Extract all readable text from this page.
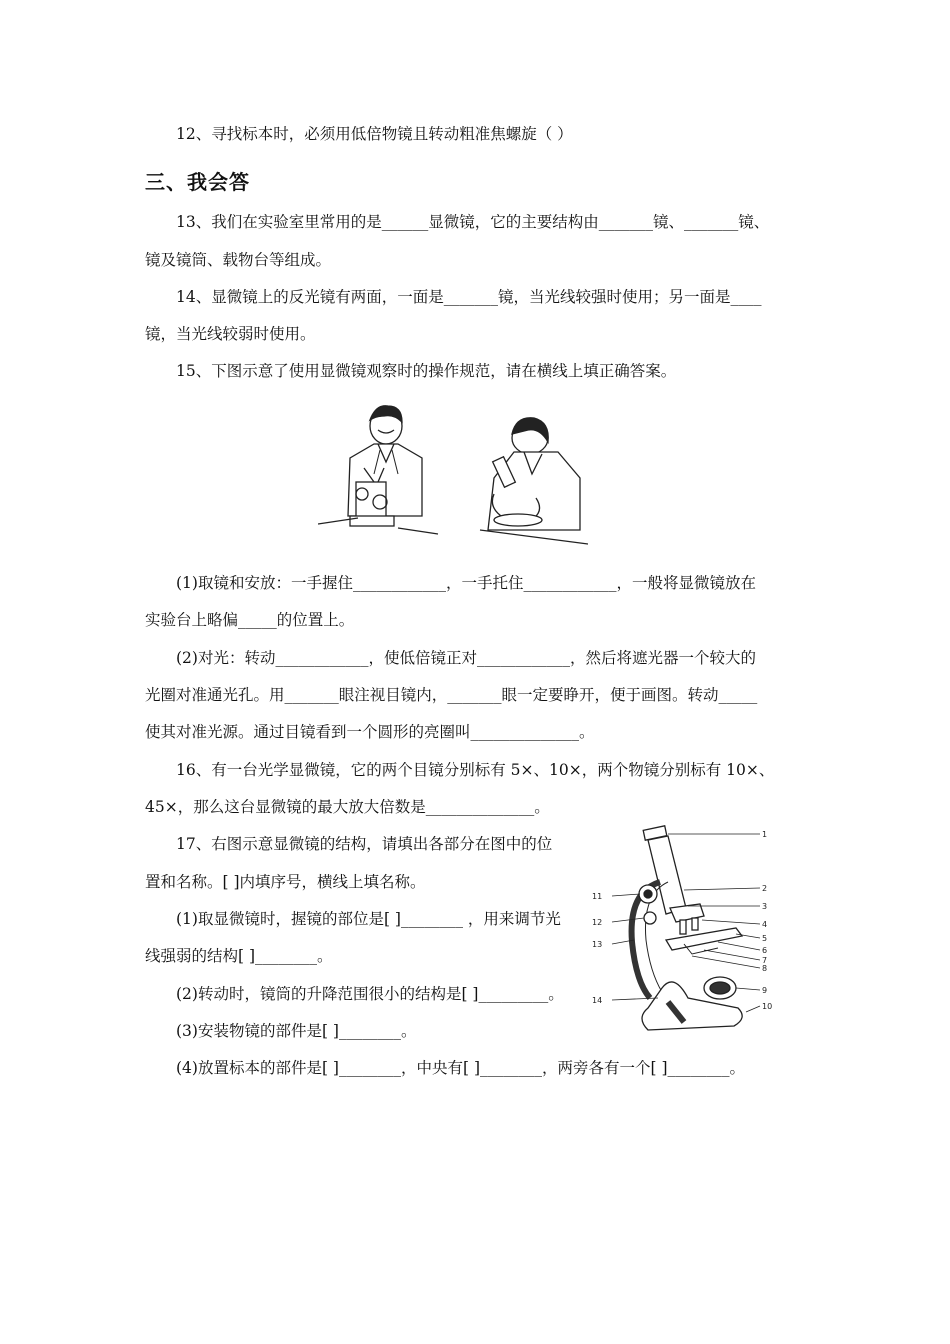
12、寻找标本时，必须用低倍物镜且转动粗准焦螺旋（ ）
三、我会答
13、我们在实验室里常用的是______显微镜，它的主要结构由_______镜、_______镜、
镜及镜筒、载物台等组成。
14、显微镜上的反光镜有两面，一面是_______镜，当光线较强时使用；另一面是____
镜，当光线较弱时使用。
15、下图示意了使用显微镜观察时的操作规范，请在横线上填正确答案。
(1)取镜和安放：一手握住____________，一手托住____________，一般将显微镜放在
实验台上略偏_____的位置上。
(2)对光：转动____________，使低倍镜正对____________，然后将遮光器一个较大的
光圈对准通光孔。用_______眼注视目镜内，_______眼一定要睁开，便于画图。转动_____
使其对准光源。通过目镜看到一个圆形的亮圈叫______________。
16、有一台光学显微镜，它的两个目镜分别标有 5×、10×，两个物镜分别标有 10×、
45×，那么这台显微镜的最大放大倍数是______________。
17、右图示意显微镜的结构，请填出各部分在图中的位
置和名称。[ ]内填序号，横线上填名称。
(1)取显微镜时，握镜的部位是[ ]________ ，用来调节光
线强弱的结构[ ]________。
(2)转动时，镜筒的升降范围很小的结构是[ ]_________。
(3)安装物镜的部件是[ ]________。
(4)放置标本的部件是[ ]________，中央有[ ]________，两旁各有一个[ ]________。
1
2
3
4
5
6
7
8
9
10
11
12
13
14
